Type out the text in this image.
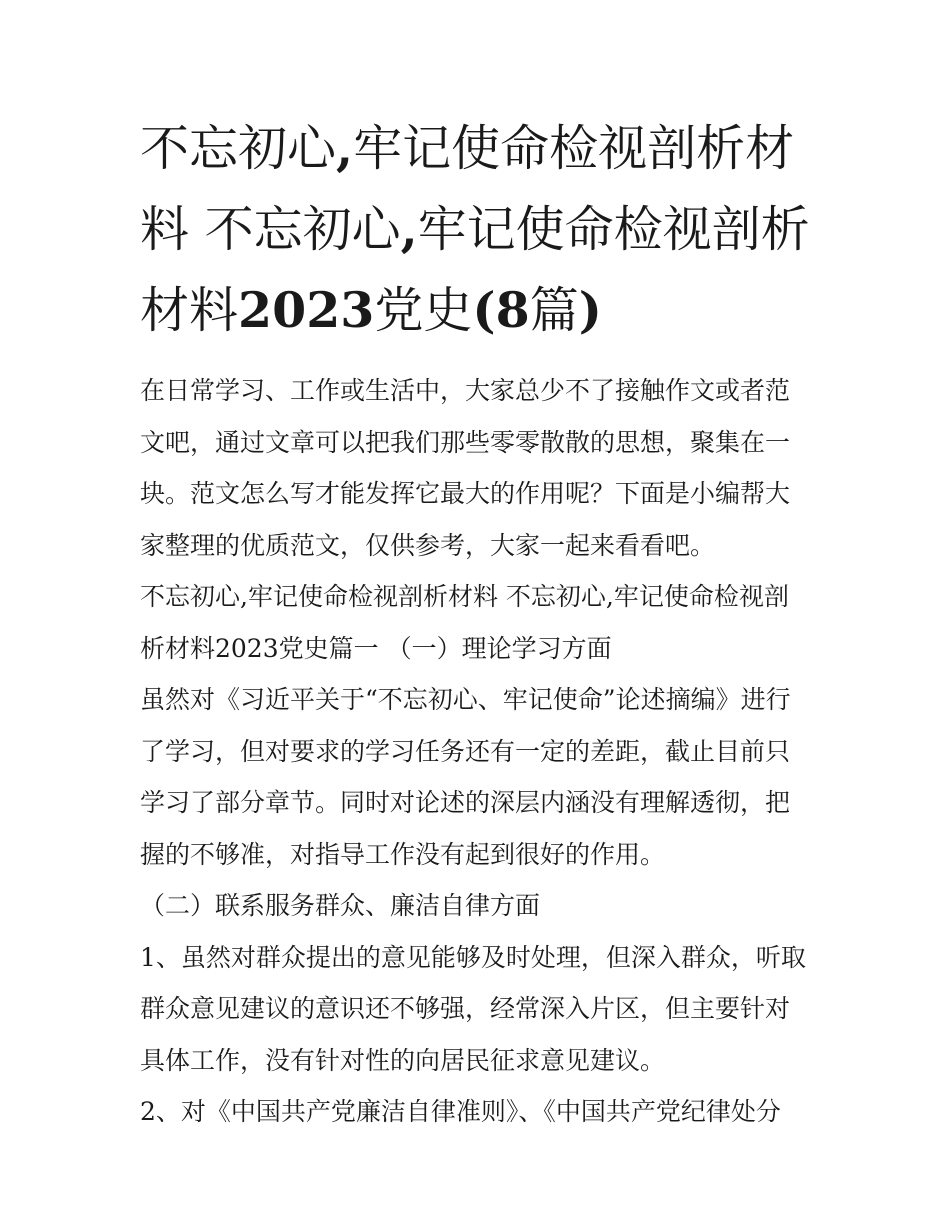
不忘初心,牢记使命检视剖析材料 不忘初心,牢记使命检视剖析材料2023党史(8篇)

在日常学习、工作或生活中，大家总少不了接触作文或者范文吧，通过文章可以把我们那些零零散散的思想，聚集在一块。范文怎么写才能发挥它最大的作用呢？下面是小编帮大家整理的优质范文，仅供参考，大家一起来看看吧。

不忘初心,牢记使命检视剖析材料 不忘初心,牢记使命检视剖析材料2023党史篇一 （一）理论学习方面

虽然对《习近平关于“不忘初心、牢记使命”论述摘编》进行了学习，但对要求的学习任务还有一定的差距，截止目前只学习了部分章节。同时对论述的深层内涵没有理解透彻，把握的不够准，对指导工作没有起到很好的作用。

（二）联系服务群众、廉洁自律方面

1、虽然对群众提出的意见能够及时处理，但深入群众，听取群众意见建议的意识还不够强，经常深入片区，但主要针对具体工作，没有针对性的向居民征求意见建议。

2、对《中国共产党廉洁自律准则》、《中国共产党纪律处分
